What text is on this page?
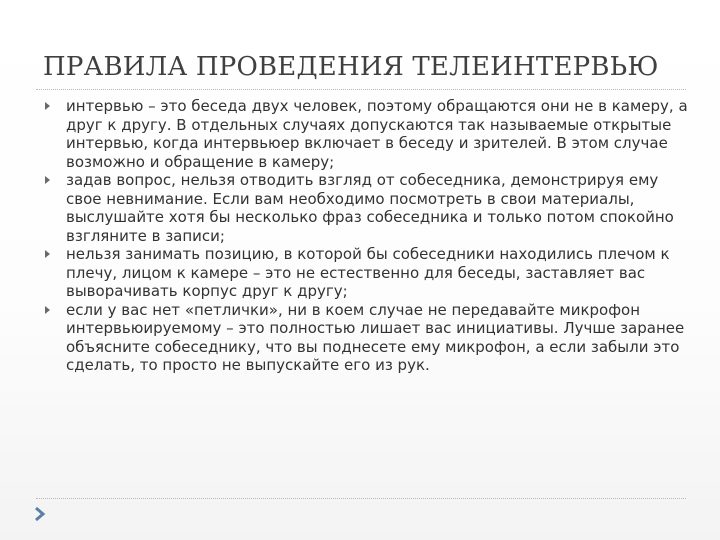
ПРАВИЛА ПРОВЕДЕНИЯ ТЕЛЕИНТЕРВЬЮ
интервью – это беседа двух человек, поэтому обращаются они не в камеру, а друг к другу. В отдельных случаях допускаются так называемые открытые интервью, когда интервьюер включает в беседу и зрителей. В этом случае возможно и обращение в камеру;
задав вопрос, нельзя отводить взгляд от собеседника, демонстрируя ему свое невнимание. Если вам необходимо посмотреть в свои материалы, выслушайте хотя бы несколько фраз собеседника и только потом спокойно взгляните в записи;
нельзя занимать позицию, в которой бы собеседники находились плечом к плечу, лицом к камере – это не естественно для беседы, заставляет вас выворачивать корпус друг к другу;
если у вас нет «петлички», ни в коем случае не передавайте микрофон интервьюируемому – это полностью лишает вас инициативы. Лучше заранее объясните собеседнику, что вы поднесете ему микрофон, а если забыли это сделать, то просто не выпускайте его из рук.
